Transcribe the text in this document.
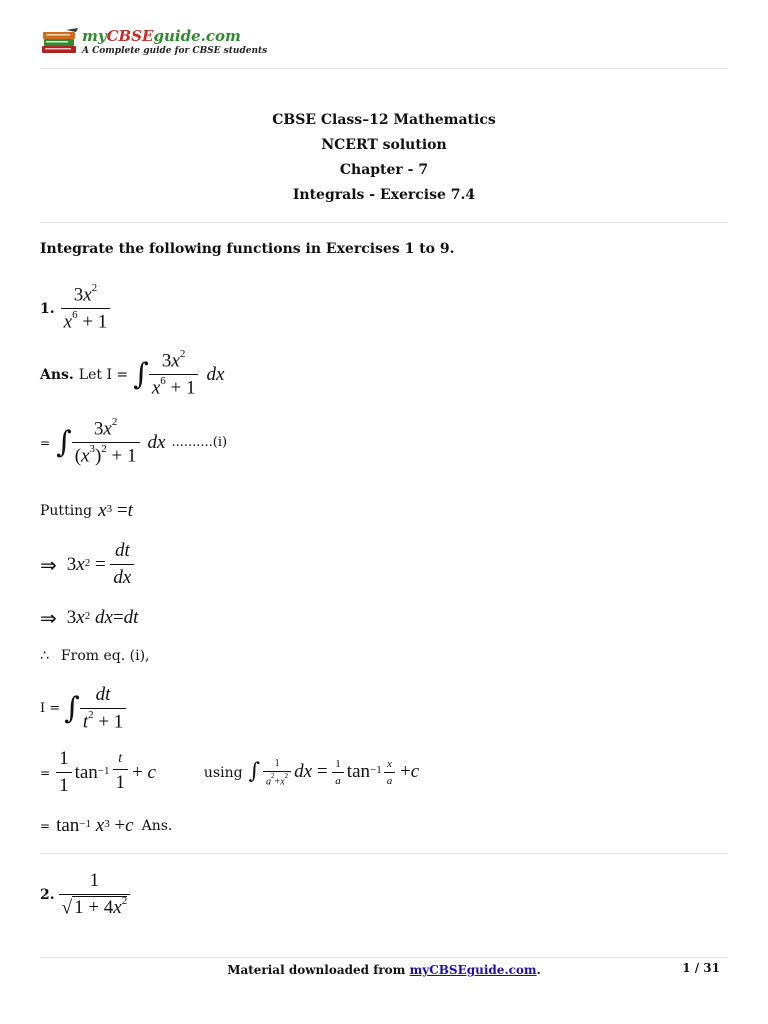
myCBSEguide.com
A Complete guide for CBSE students
CBSE Class–12 Mathematics
NCERT solution
Chapter - 7
Integrals - Exercise 7.4
Integrate the following functions in Exercises 1 to 9.
1. $\frac{3x^2}{x^6 + 1}$
Ans. Let I = ∫ $\frac{3x^2}{x^6 + 1}$ dx
= ∫ $\frac{3x^2}{(x^3)^2 + 1}$ dx ..........(i)
Putting x 3 = t
⇒ 3 x $2 = \frac{dt}{dx}$
⇒ 3 x 2
dx = dt
∴ From eq. (i),
I = ∫ $\frac{dt}{t^2 + 1}$
= $\frac{1}{1}$ $\tan -1 \frac{t}{1} + c$	using ∫ $\frac{1}{a^2+x^2}$ dx = $\frac{1}{a}$ $\tan -1 \frac{x}{a} + c$
= tan −1
x 3 + c Ans.
2. $\frac{1}{√ 1 + 4x^2}$
Material downloaded from myCBSEguide.com.	1 / 31
